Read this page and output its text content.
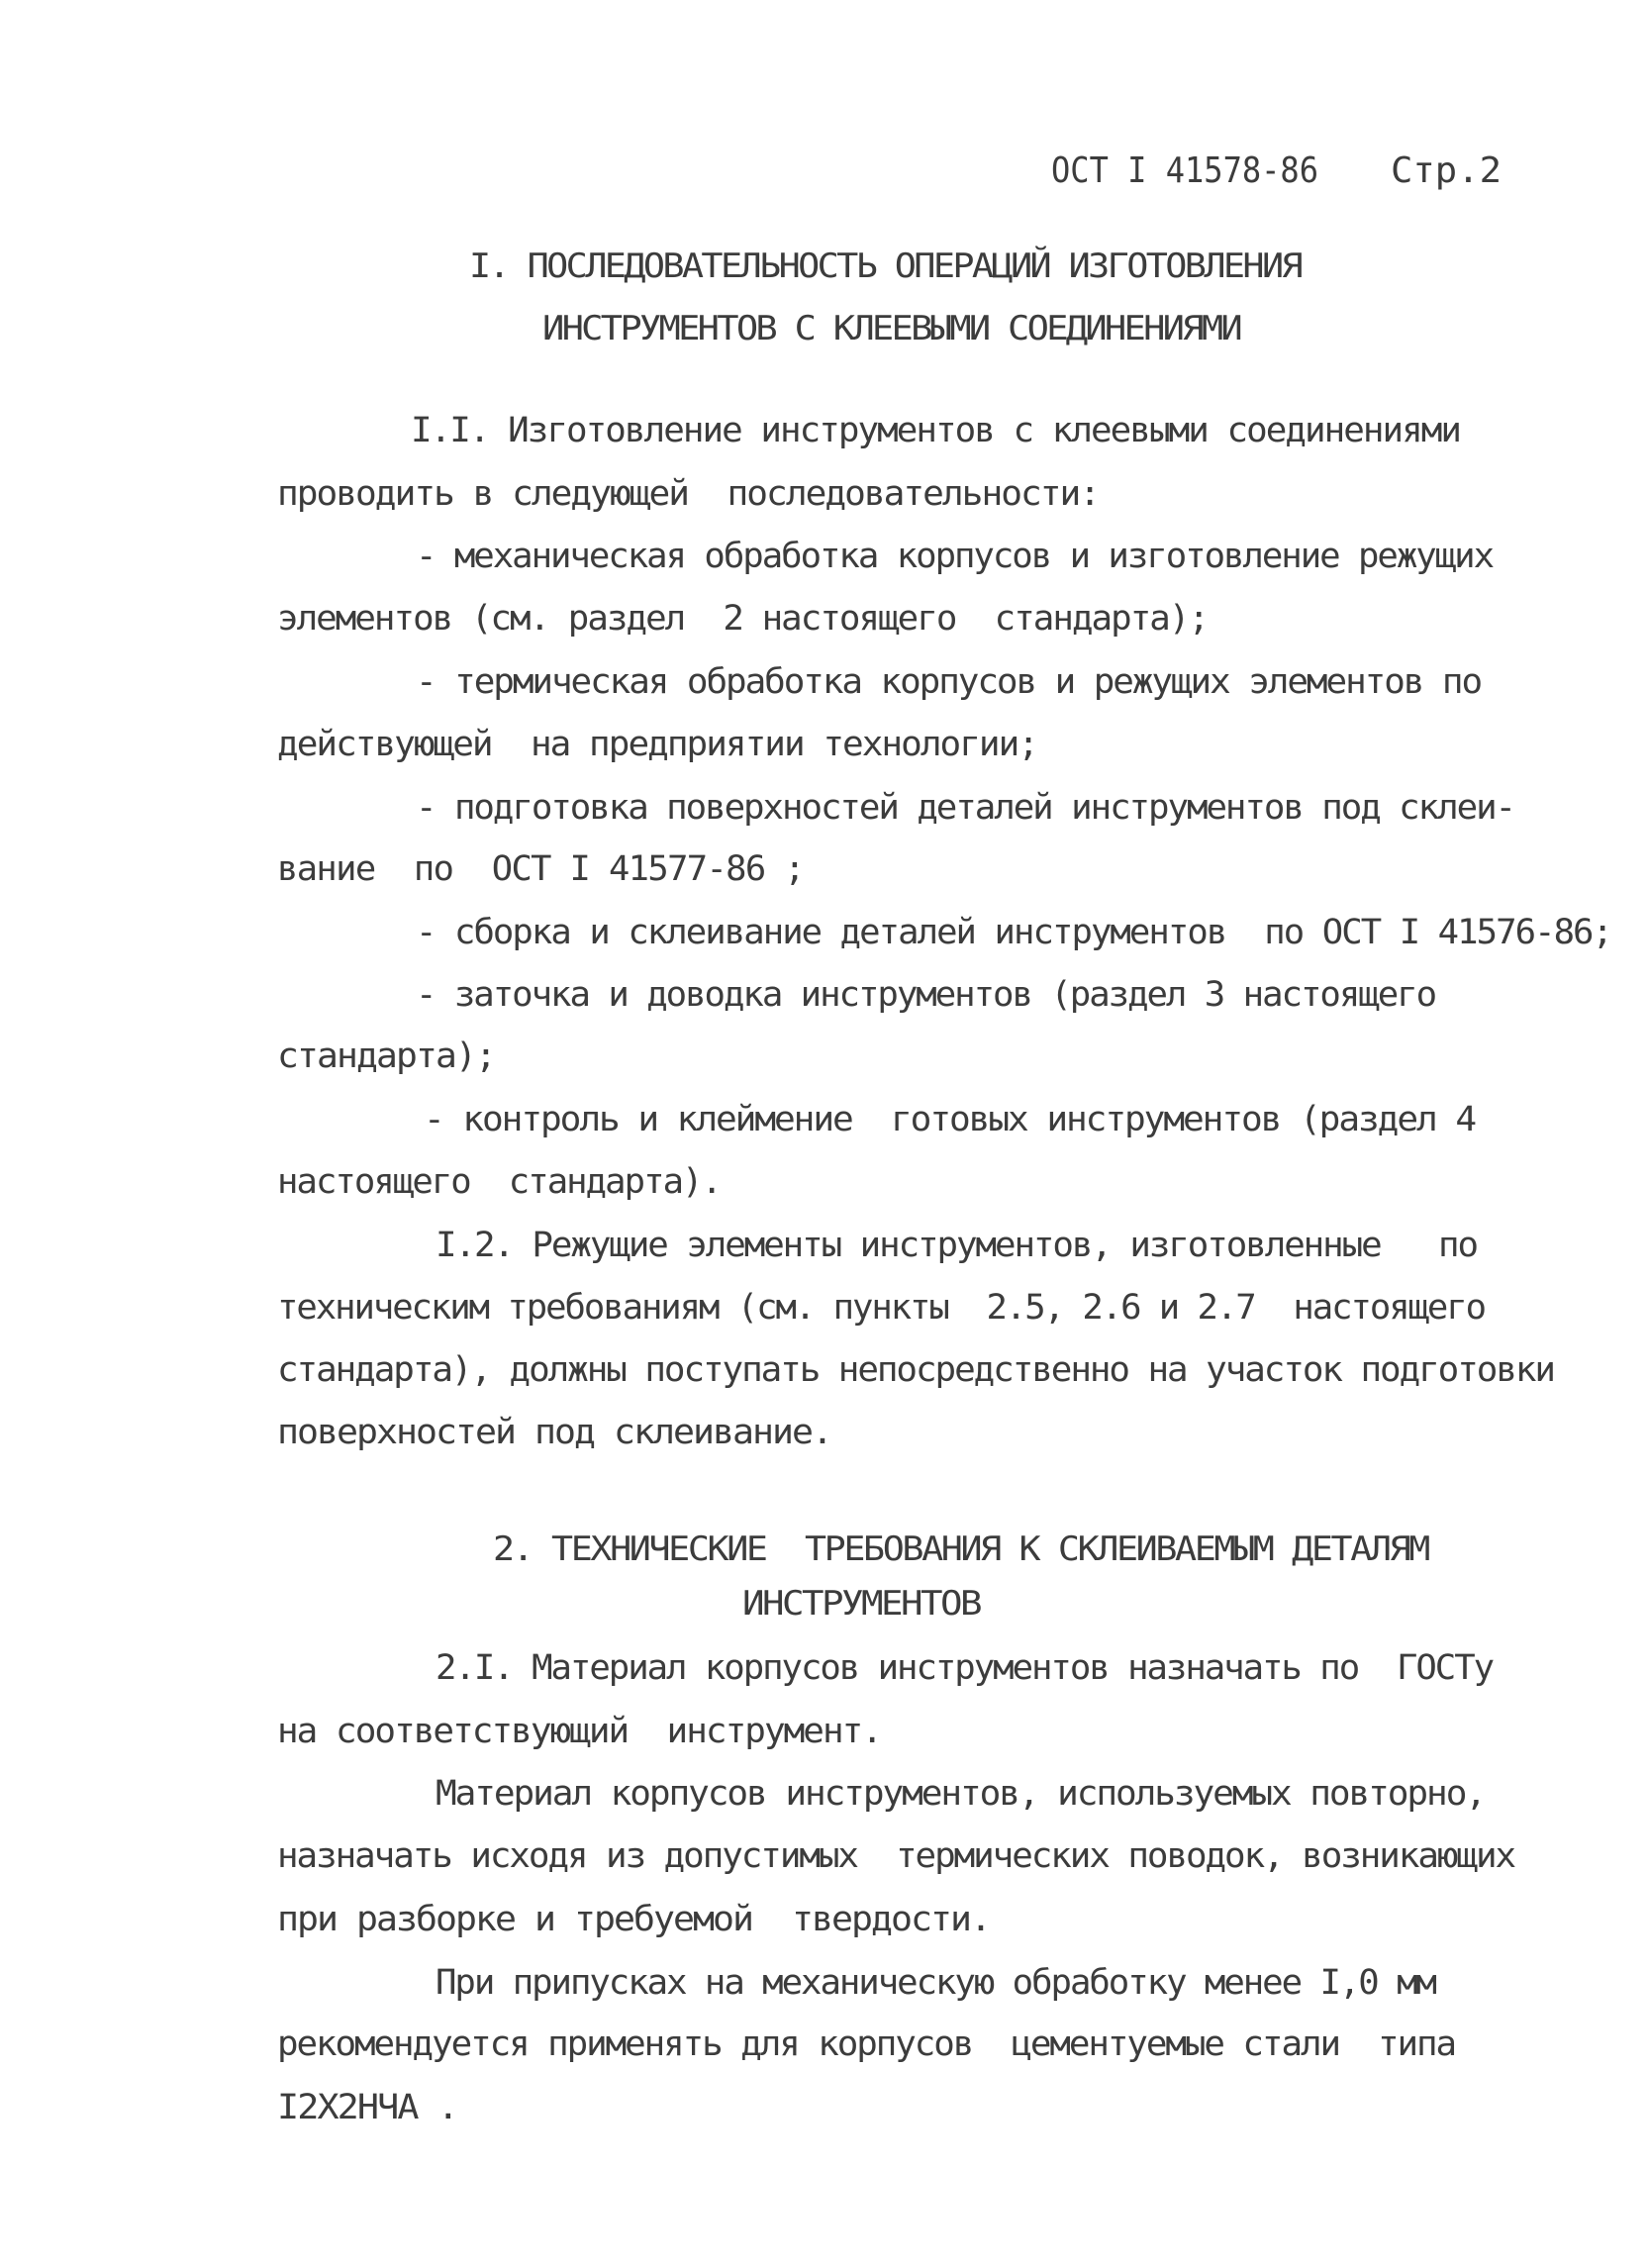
ОСТ I 41578-86 Стр.2
I. ПОСЛЕДОВАТЕЛЬНОСТЬ ОПЕРАЦИЙ ИЗГОТОВЛЕНИЯ
ИНСТРУМЕНТОВ С КЛЕЕВЫМИ СОЕДИНЕНИЯМИ
I.I. Изготовление инструментов с клеевыми соединениями
проводить в следующей  последовательности:
- механическая обработка корпусов и изготовление режущих
элементов (см. раздел  2 настоящего  стандарта);
- термическая обработка корпусов и режущих элементов по
действующей  на предприятии технологии;
- подготовка поверхностей деталей инструментов под склеи-
вание  по  ОСТ I 41577-86 ;
- сборка и склеивание деталей инструментов  по ОСТ I 41576-86;
- заточка и доводка инструментов (раздел 3 настоящего
стандарта);
- контроль и клеймение  готовых инструментов (раздел 4
настоящего  стандарта).
I.2. Режущие элементы инструментов, изготовленные   по
техническим требованиям (см. пункты  2.5, 2.6 и 2.7  настоящего
стандарта), должны поступать непосредственно на участок подготовки
поверхностей под склеивание.
2. ТЕХНИЧЕСКИЕ  ТРЕБОВАНИЯ К СКЛЕИВАЕМЫМ ДЕТАЛЯМ
ИНСТРУМЕНТОВ
2.I. Материал корпусов инструментов назначать по  ГОСТу
на соответствующий  инструмент.
Материал корпусов инструментов, используемых повторно,
назначать исходя из допустимых  термических поводок, возникающих
при разборке и требуемой  твердости.
При припусках на механическую обработку менее I,0 мм
рекомендуется применять для корпусов  цементуемые стали  типа
I2Х2НЧА .
